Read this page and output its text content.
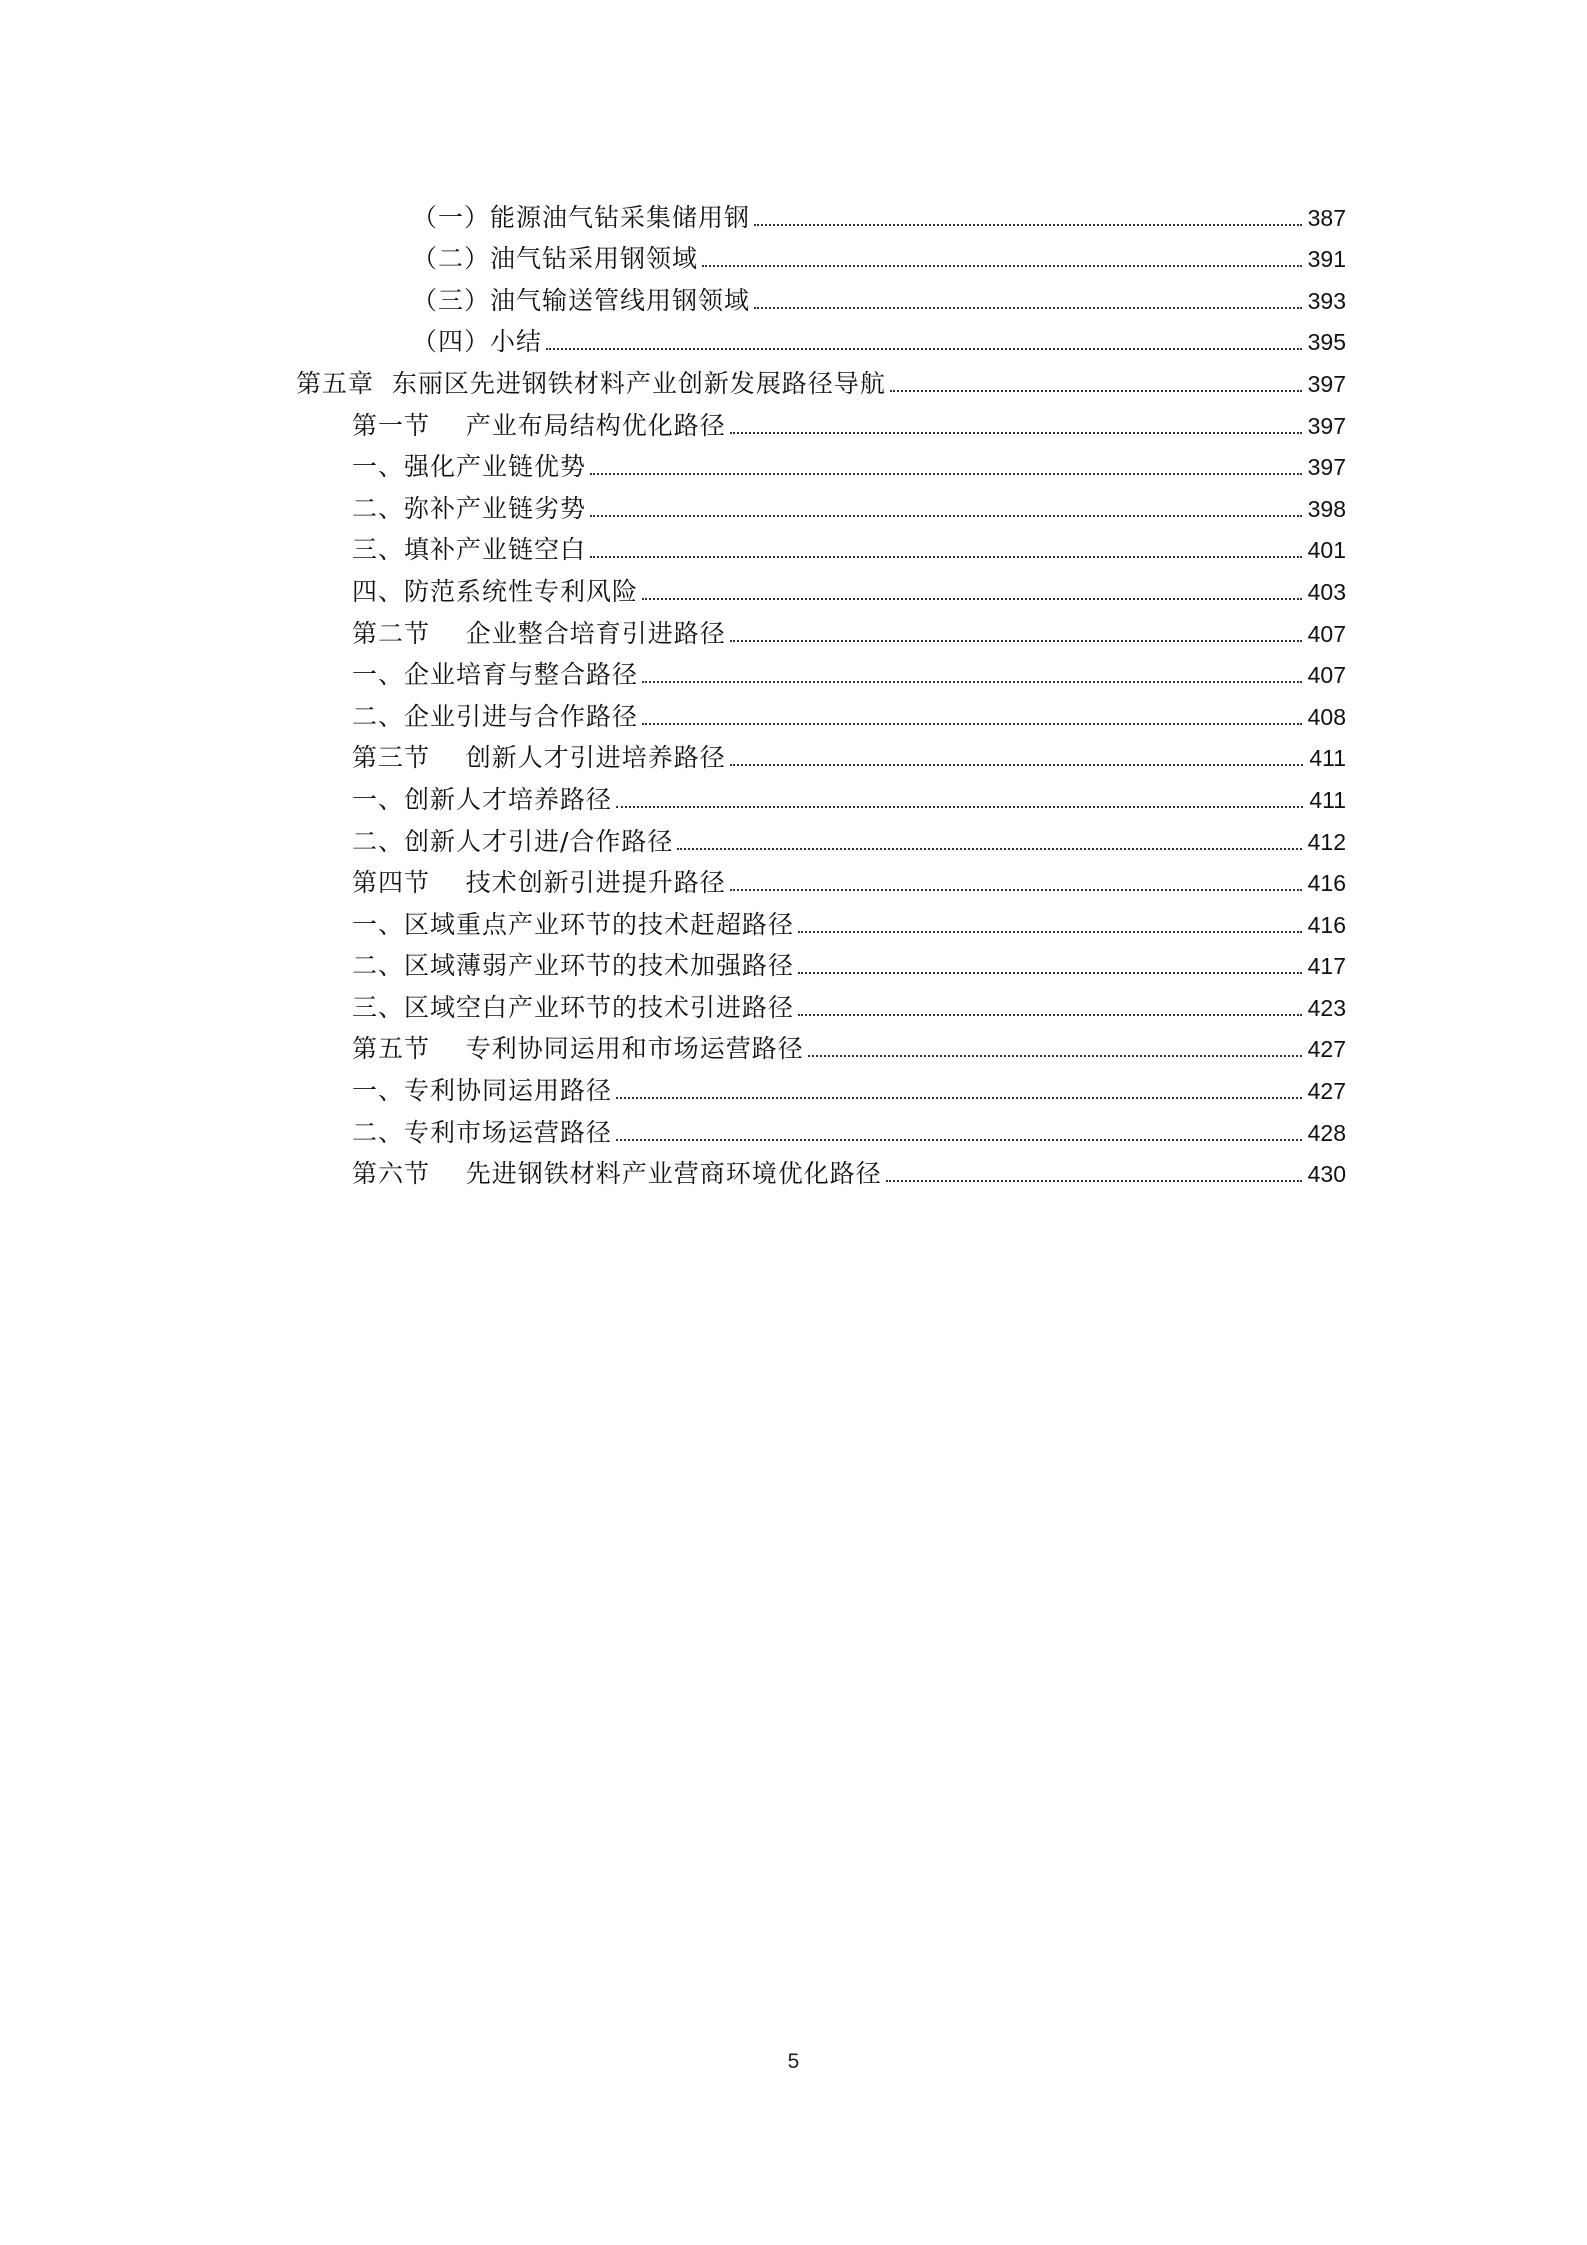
（一）能源油气钻采集储用钢	387
（二）油气钻采用钢领域	391
（三）油气输送管线用钢领域	393
（四）小结	395
第五章  东丽区先进钢铁材料产业创新发展路径导航	397
第一节    产业布局结构优化路径	397
一、强化产业链优势	397
二、弥补产业链劣势	398
三、填补产业链空白	401
四、防范系统性专利风险	403
第二节    企业整合培育引进路径	407
一、企业培育与整合路径	407
二、企业引进与合作路径	408
第三节    创新人才引进培养路径	411
一、创新人才培养路径	411
二、创新人才引进/合作路径	412
第四节    技术创新引进提升路径	416
一、区域重点产业环节的技术赶超路径	416
二、区域薄弱产业环节的技术加强路径	417
三、区域空白产业环节的技术引进路径	423
第五节    专利协同运用和市场运营路径	427
一、专利协同运用路径	427
二、专利市场运营路径	428
第六节    先进钢铁材料产业营商环境优化路径	430
5
